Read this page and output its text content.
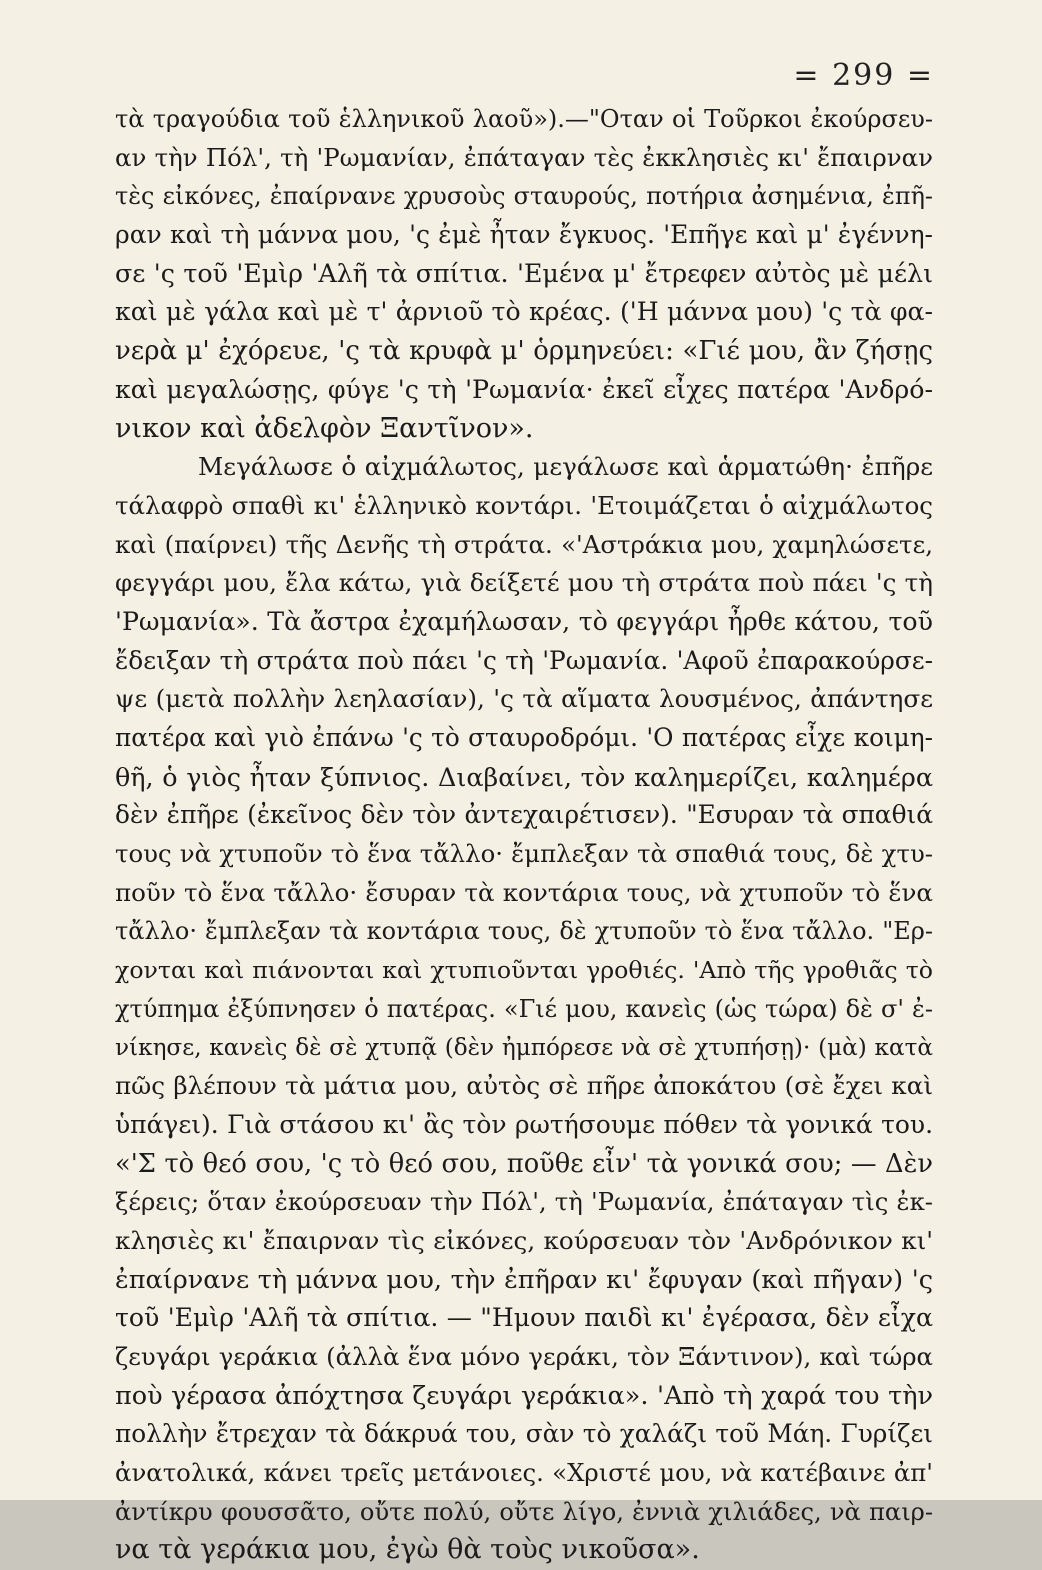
= 299 =
τὰ τραγούδια τοῦ ἑλληνικοῦ λαοῦ»).—"Οταν οἱ Τοῦρκοι ἐκούρσευ-
αν τὴν Πόλ', τὴ 'Ρωμανίαν, ἐπάταγαν τὲς ἐκκλησιὲς κι' ἔπαιρναν
τὲς εἰκόνες, ἐπαίρνανε χρυσοὺς σταυρούς, ποτήρια ἀσημένια, ἐπῆ-
ραν καὶ τὴ μάννα μου, 'ς ἐμὲ ἦταν ἔγκυος. 'Επῆγε καὶ μ' ἐγέννη-
σε 'ς τοῦ 'Εμὶρ 'Αλῆ τὰ σπίτια. 'Εμένα μ' ἔτρεφεν αὐτὸς μὲ μέλι
καὶ μὲ γάλα καὶ μὲ τ' ἀρνιοῦ τὸ κρέας. ('Η μάννα μου) 'ς τὰ φα-
νερὰ μ' ἐχόρευε, 'ς τὰ κρυφὰ μ' ὁρμηνεύει: «Γιέ μου, ἂν ζήσῃς
καὶ μεγαλώσῃς, φύγε 'ς τὴ 'Ρωμανία· ἐκεῖ εἶχες πατέρα 'Ανδρό-
νικον καὶ ἀδελφὸν Ξαντῖνον».
Μεγάλωσε ὁ αἰχμάλωτος, μεγάλωσε καὶ ἁρματώθη· ἐπῆρε
τάλαφρὸ σπαθὶ κι' ἑλληνικὸ κοντάρι. 'Ετοιμάζεται ὁ αἰχμάλωτος
καὶ (παίρνει) τῆς Δενῆς τὴ στράτα. «'Αστράκια μου, χαμηλώσετε,
φεγγάρι μου, ἔλα κάτω, γιὰ δείξετέ μου τὴ στράτα ποὺ πάει 'ς τὴ
'Ρωμανία». Τὰ ἄστρα ἐχαμήλωσαν, τὸ φεγγάρι ἦρθε κάτου, τοῦ
ἔδειξαν τὴ στράτα ποὺ πάει 'ς τὴ 'Ρωμανία. 'Αφοῦ ἐπαρακούρσε-
ψε (μετὰ πολλὴν λεηλασίαν), 'ς τὰ αἵματα λουσμένος, ἀπάντησε
πατέρα καὶ γιὸ ἐπάνω 'ς τὸ σταυροδρόμι. 'Ο πατέρας εἶχε κοιμη-
θῆ, ὁ γιὸς ἦταν ξύπνιος. Διαβαίνει, τὸν καλημερίζει, καλημέρα
δὲν ἐπῆρε (ἐκεῖνος δὲν τὸν ἀντεχαιρέτισεν). "Εσυραν τὰ σπαθιά
τους νὰ χτυποῦν τὸ ἕνα τἄλλο· ἔμπλεξαν τὰ σπαθιά τους, δὲ χτυ-
ποῦν τὸ ἕνα τἄλλο· ἔσυραν τὰ κοντάρια τους, νὰ χτυποῦν τὸ ἕνα
τἄλλο· ἔμπλεξαν τὰ κοντάρια τους, δὲ χτυποῦν τὸ ἕνα τἄλλο. "Ερ-
χονται καὶ πιάνονται καὶ χτυπιοῦνται γροθιές. 'Απὸ τῆς γροθιᾶς τὸ
χτύπημα ἐξύπνησεν ὁ πατέρας. «Γιέ μου, κανεὶς (ὡς τώρα) δὲ σ' ἐ-
νίκησε, κανεὶς δὲ σὲ χτυπᾷ (δὲν ἠμπόρεσε νὰ σὲ χτυπήσῃ)· (μὰ) κατὰ
πῶς βλέπουν τὰ μάτια μου, αὐτὸς σὲ πῆρε ἀποκάτου (σὲ ἔχει καὶ
ὑπάγει). Γιὰ στάσου κι' ἂς τὸν ρωτήσουμε πόθεν τὰ γονικά του.
«'Σ τὸ θεό σου, 'ς τὸ θεό σου, ποῦθε εἶν' τὰ γονικά σου; — Δὲν
ξέρεις; ὅταν ἐκούρσευαν τὴν Πόλ', τὴ 'Ρωμανία, ἐπάταγαν τὶς ἐκ-
κλησιὲς κι' ἔπαιρναν τὶς εἰκόνες, κούρσευαν τὸν 'Ανδρόνικον κι'
ἐπαίρνανε τὴ μάννα μου, τὴν ἐπῆραν κι' ἔφυγαν (καὶ πῆγαν) 'ς
τοῦ 'Εμὶρ 'Αλῆ τὰ σπίτια. — "Ημουν παιδὶ κι' ἐγέρασα, δὲν εἶχα
ζευγάρι γεράκια (ἀλλὰ ἕνα μόνο γεράκι, τὸν Ξάντινον), καὶ τώρα
ποὺ γέρασα ἀπόχτησα ζευγάρι γεράκια». 'Απὸ τὴ χαρά του τὴν
πολλὴν ἔτρεχαν τὰ δάκρυά του, σὰν τὸ χαλάζι τοῦ Μάη. Γυρίζει
ἀνατολικά, κάνει τρεῖς μετάνοιες. «Χριστέ μου, νὰ κατέβαινε ἀπ'
ἀντίκρυ φουσσᾶτο, οὔτε πολύ, οὔτε λίγο, ἐννιὰ χιλιάδες, νὰ παιρ-
να τὰ γεράκια μου, ἐγὼ θὰ τοὺς νικοῦσα».
